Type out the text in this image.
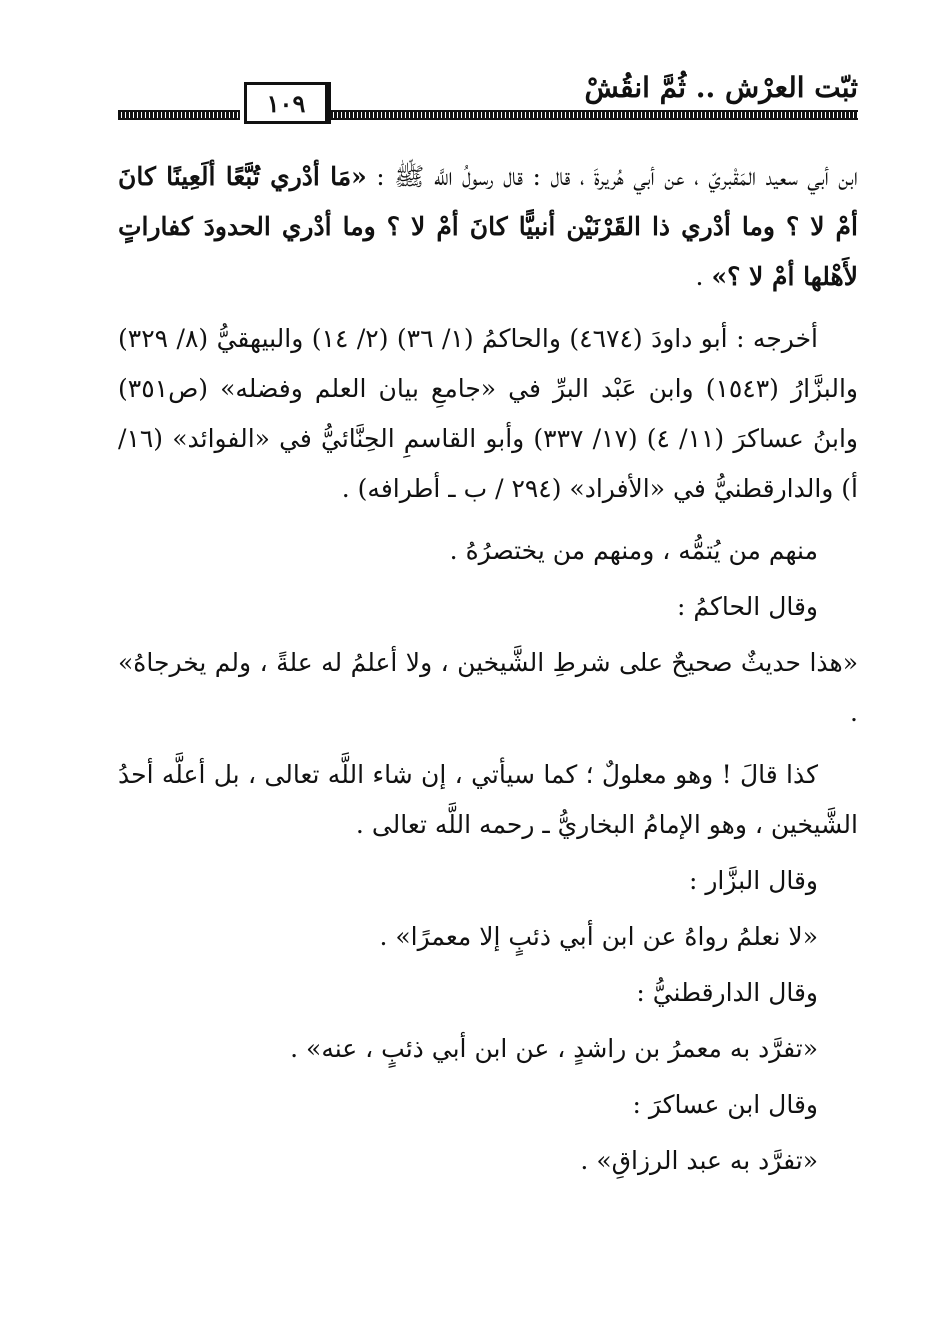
ثبّت العرْش .. ثُمَّ انقُشْ
١٠٩

ابن أبي سعيد المَقْبريّ ، عن أبي هُريرةَ ، قال : قال رسولُ اللَّه ﷺ : «مَا أدْري تُبَّعًا ألَعِينًا كانَ أمْ لا ؟ وما أدْري ذا القَرْنَيْن أنبيًّا كانَ أمْ لا ؟ وما أدْري الحدودَ كفاراتٍ لأَهْلها أمْ لا ؟» .

أخرجه : أبو داودَ (٤٦٧٤) والحاكمُ (١/ ٣٦) (٢/ ١٤) والبيهقيُّ (٨/ ٣٢٩) والبزَّارُ (١٥٤٣) وابن عَبْد البرِّ في «جامعِ بيان العلم وفضله» (ص٣٥١) وابنُ عساكرَ (١١/ ٤) (١٧/ ٣٣٧) وأبو القاسمِ الحِنَّائيُّ في «الفوائد» (١٦/ أ) والدارقطنيُّ في «الأفراد» (٢٩٤ / ب ـ أطرافه) .

منهم من يُتمُّه ، ومنهم من يختصرُهُ .

وقال الحاكمُ :

«هذا حديثٌ صحيحٌ على شرطِ الشَّيخين ، ولا أعلمُ له علةً ، ولم يخرجاهُ» .

كذا قالَ ! وهو معلولٌ ؛ كما سيأتي ، إن شاء اللَّه تعالى ، بل أعلَّه أحدُ الشَّيخين ، وهو الإمامُ البخاريُّ ـ رحمه اللَّه تعالى .

وقال البزَّار :

«لا نعلمُ رواهُ عن ابن أبي ذئبٍ إلا معمرًا» .

وقال الدارقطنيُّ :

«تفرَّد به معمرُ بن راشدٍ ، عن ابن أبي ذئبٍ ، عنه» .

وقال ابن عساكرَ :

«تفرَّد به عبد الرزاقِ» .
